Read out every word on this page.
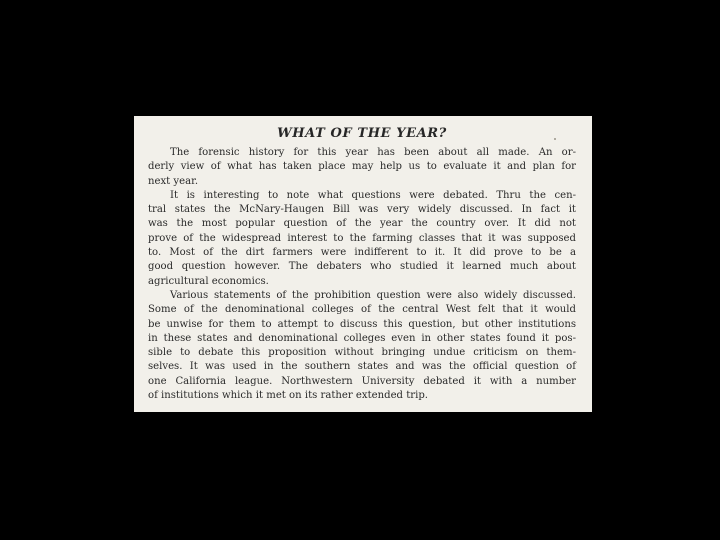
WHAT OF THE YEAR?

The forensic history for this year has been about all made. An or-
derly view of what has taken place may help us to evaluate it and plan for
next year.

It is interesting to note what questions were debated. Thru the cen-
tral states the McNary-Haugen Bill was very widely discussed. In fact it
was the most popular question of the year the country over. It did not
prove of the widespread interest to the farming classes that it was supposed
to. Most of the dirt farmers were indifferent to it. It did prove to be a
good question however. The debaters who studied it learned much about
agricultural economics.

Various statements of the prohibition question were also widely discussed.
Some of the denominational colleges of the central West felt that it would
be unwise for them to attempt to discuss this question, but other institutions
in these states and denominational colleges even in other states found it pos-
sible to debate this proposition without bringing undue criticism on them-
selves. It was used in the southern states and was the official question of
one California league. Northwestern University debated it with a number
of institutions which it met on its rather extended trip.
